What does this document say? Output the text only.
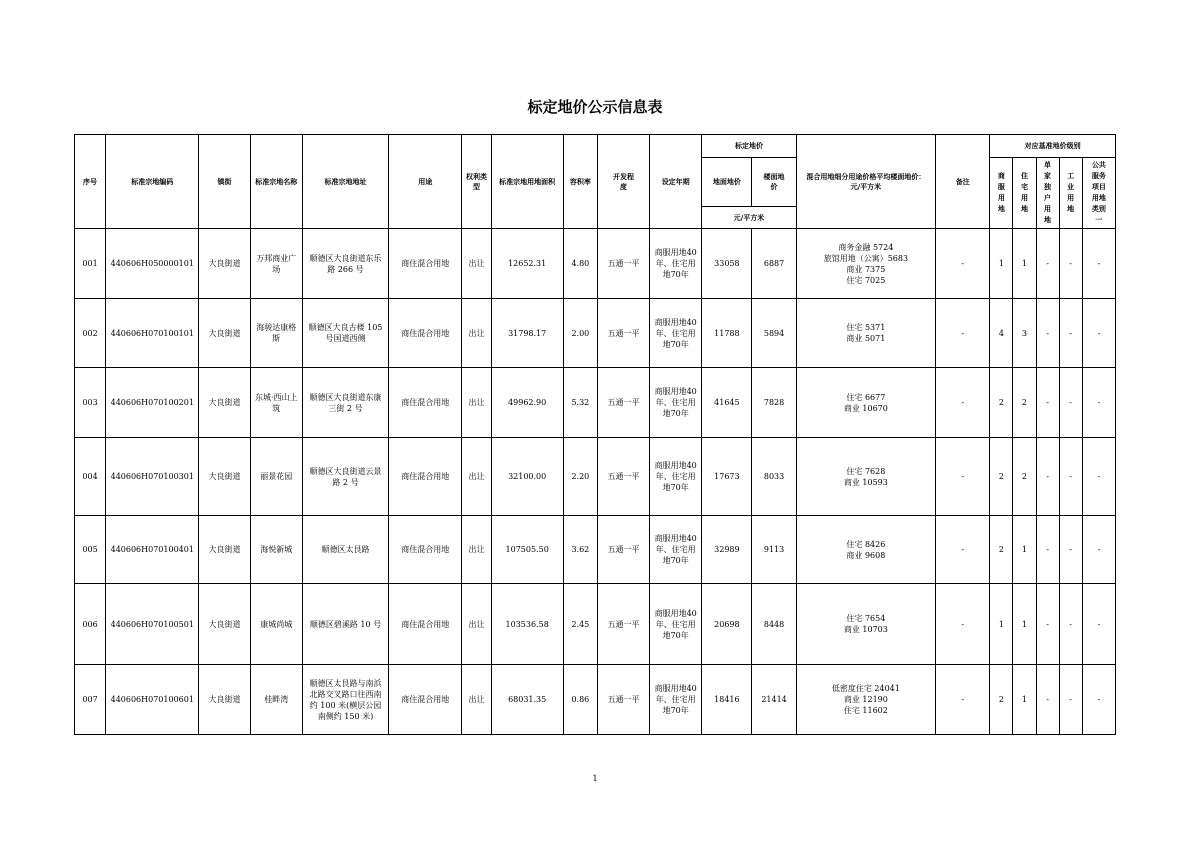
标定地价公示信息表
序号	标准宗地编码	镇街	标准宗地名称	标准宗地地址	用途	权利类型	标准宗地用地面积	容积率	开发程度	设定年期	标定地价		混合用地细分用途价格平均楼面地价：元/平方米	备注	对应基准地价级别				

											地面地价	楼面地价			商服用地	住宅用地	单家独户用地	工业用地	公共服务项目用地类别一
											元/平方米								

001	440606H050000101	大良街道	万邦商业广场	顺德区大良街道东乐路 266 号	商住混合用地	出让	12652.31	4.80	五通一平	商服用地40年、住宅用地70年	33058	6887	商务金融 5724
旅馆用地（公寓）5683
商业 7375
住宅 7025	-	1	1	-	-	-

002	440606H070100101	大良街道	海骏达康格斯	顺德区大良古楼 105 号国道西侧	商住混合用地	出让	31798.17	2.00	五通一平	商服用地40年、住宅用地70年	11788	5894	住宅 5371
商业 5071	-	4	3	-	-	-

003	440606H070100201	大良街道	东城·西山上筑	顺德区大良街道东康三街 2 号	商住混合用地	出让	49962.90	5.32	五通一平	商服用地40年、住宅用地70年	41645	7828	住宅 6677
商业 10670	-	2	2	-	-	-

004	440606H070100301	大良街道	丽景花园	顺德区大良街道云景路 2 号	商住混合用地	出让	32100.00	2.20	五通一平	商服用地40年、住宅用地70年	17673	8033	住宅 7628
商业 10593	-	2	2	-	-	-

005	440606H070100401	大良街道	海悦新城	顺德区太艮路	商住混合用地	出让	107505.50	3.62	五通一平	商服用地40年、住宅用地70年	32989	9113	住宅 8426
商业 9608	-	2	1	-	-	-

006	440606H070100501	大良街道	康城尚城	顺德区碧溪路 10 号	商住混合用地	出让	103536.58	2.45	五通一平	商服用地40年、住宅用地70年	20698	8448	住宅 7654
商业 10703	-	1	1	-	-	-

007	440606H070100601	大良街道	桂畔湾	顺德区太艮路与南浜北路交叉路口往西南约 100 米(横层公园南侧约 150 米)	商住混合用地	出让	68031.35	0.86	五通一平	商服用地40年、住宅用地70年	18416	21414	低密度住宅 24041
商业 12190
住宅 11602	-	2	1	-	-	-
1
